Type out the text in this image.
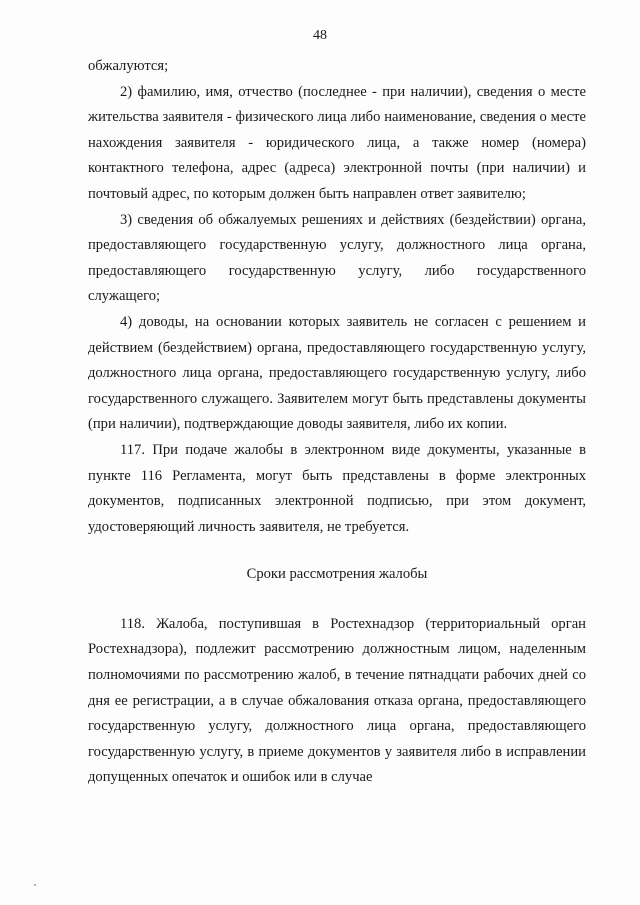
48

обжалуются;

2) фамилию, имя, отчество (последнее - при наличии), сведения о месте жительства заявителя - физического лица либо наименование, сведения о месте нахождения заявителя - юридического лица, а также номер (номера) контактного телефона, адрес (адреса) электронной почты (при наличии) и почтовый адрес, по которым должен быть направлен ответ заявителю;

3) сведения об обжалуемых решениях и действиях (бездействии) органа, предоставляющего государственную услугу, должностного лица органа, предоставляющего государственную услугу, либо государственного служащего;

4) доводы, на основании которых заявитель не согласен с решением и действием (бездействием) органа, предоставляющего государственную услугу, должностного лица органа, предоставляющего государственную услугу, либо государственного служащего. Заявителем могут быть представлены документы (при наличии), подтверждающие доводы заявителя, либо их копии.

117. При подаче жалобы в электронном виде документы, указанные в пункте 116 Регламента, могут быть представлены в форме электронных документов, подписанных электронной подписью, при этом документ, удостоверяющий личность заявителя, не требуется.

Сроки рассмотрения жалобы

118. Жалоба, поступившая в Ростехнадзор (территориальный орган Ростехнадзора), подлежит рассмотрению должностным лицом, наделенным полномочиями по рассмотрению жалоб, в течение пятнадцати рабочих дней со дня ее регистрации, а в случае обжалования отказа органа, предоставляющего государственную услугу, должностного лица органа, предоставляющего государственную услугу, в приеме документов у заявителя либо в исправлении допущенных опечаток и ошибок или в случае
